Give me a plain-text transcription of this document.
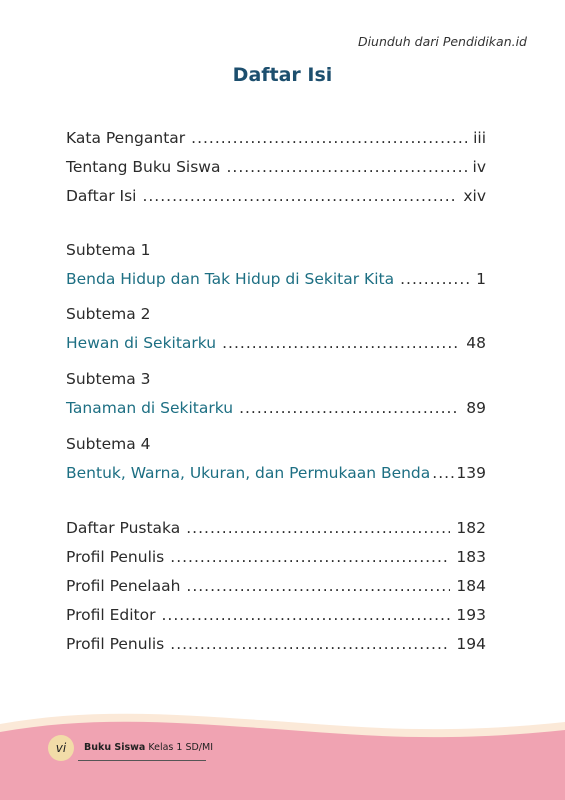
Diunduh dari Pendidikan.id
Daftar Isi
Kata Pengantar .....	iii
Tentang Buku Siswa .....	iv
Daftar Isi .....	xiv
Subtema 1
Benda Hidup dan Tak Hidup di Sekitar Kita .....	1
Subtema 2
Hewan di Sekitarku .....	48
Subtema 3
Tanaman di Sekitarku .....	89
Subtema 4
Bentuk, Warna, Ukuran, dan Permukaan Benda ..... 139
Daftar Pustaka .....	182
Profil Penulis .....	183
Profil Penelaah .....	184
Profil Editor .....	193
Profil Penulis .....	194
vi Buku Siswa Kelas 1 SD/MI
